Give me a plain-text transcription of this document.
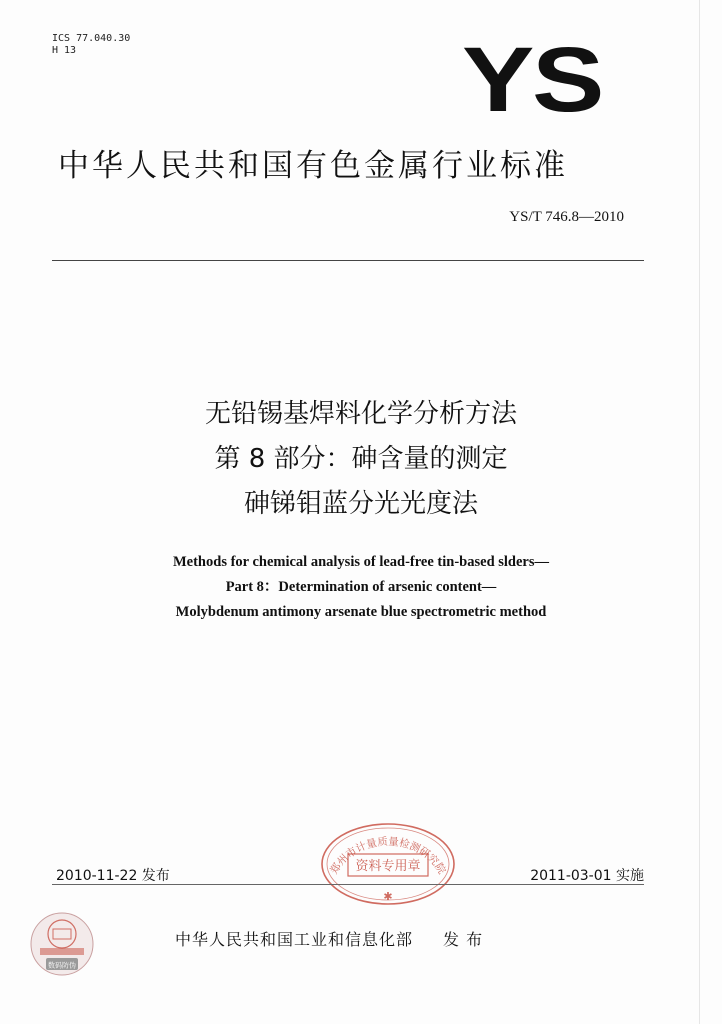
ICS 77.040.30
H 13	YS
中华人民共和国有色金属行业标准
YS/T 746.8—2010
无铅锡基焊料化学分析方法
第 8 部分：砷含量的测定
砷锑钼蓝分光光度法
Methods for chemical analysis of lead-free tin-based slders—
Part 8：Determination of arsenic content—
Molybdenum antimony arsenate blue spectrometric method
郑州市计量质量检测研究院
资料专用章
✱
2010-11-22 发布	2011-03-01 实施
数码防伪
中华人民共和国工业和信息化部 发 布
